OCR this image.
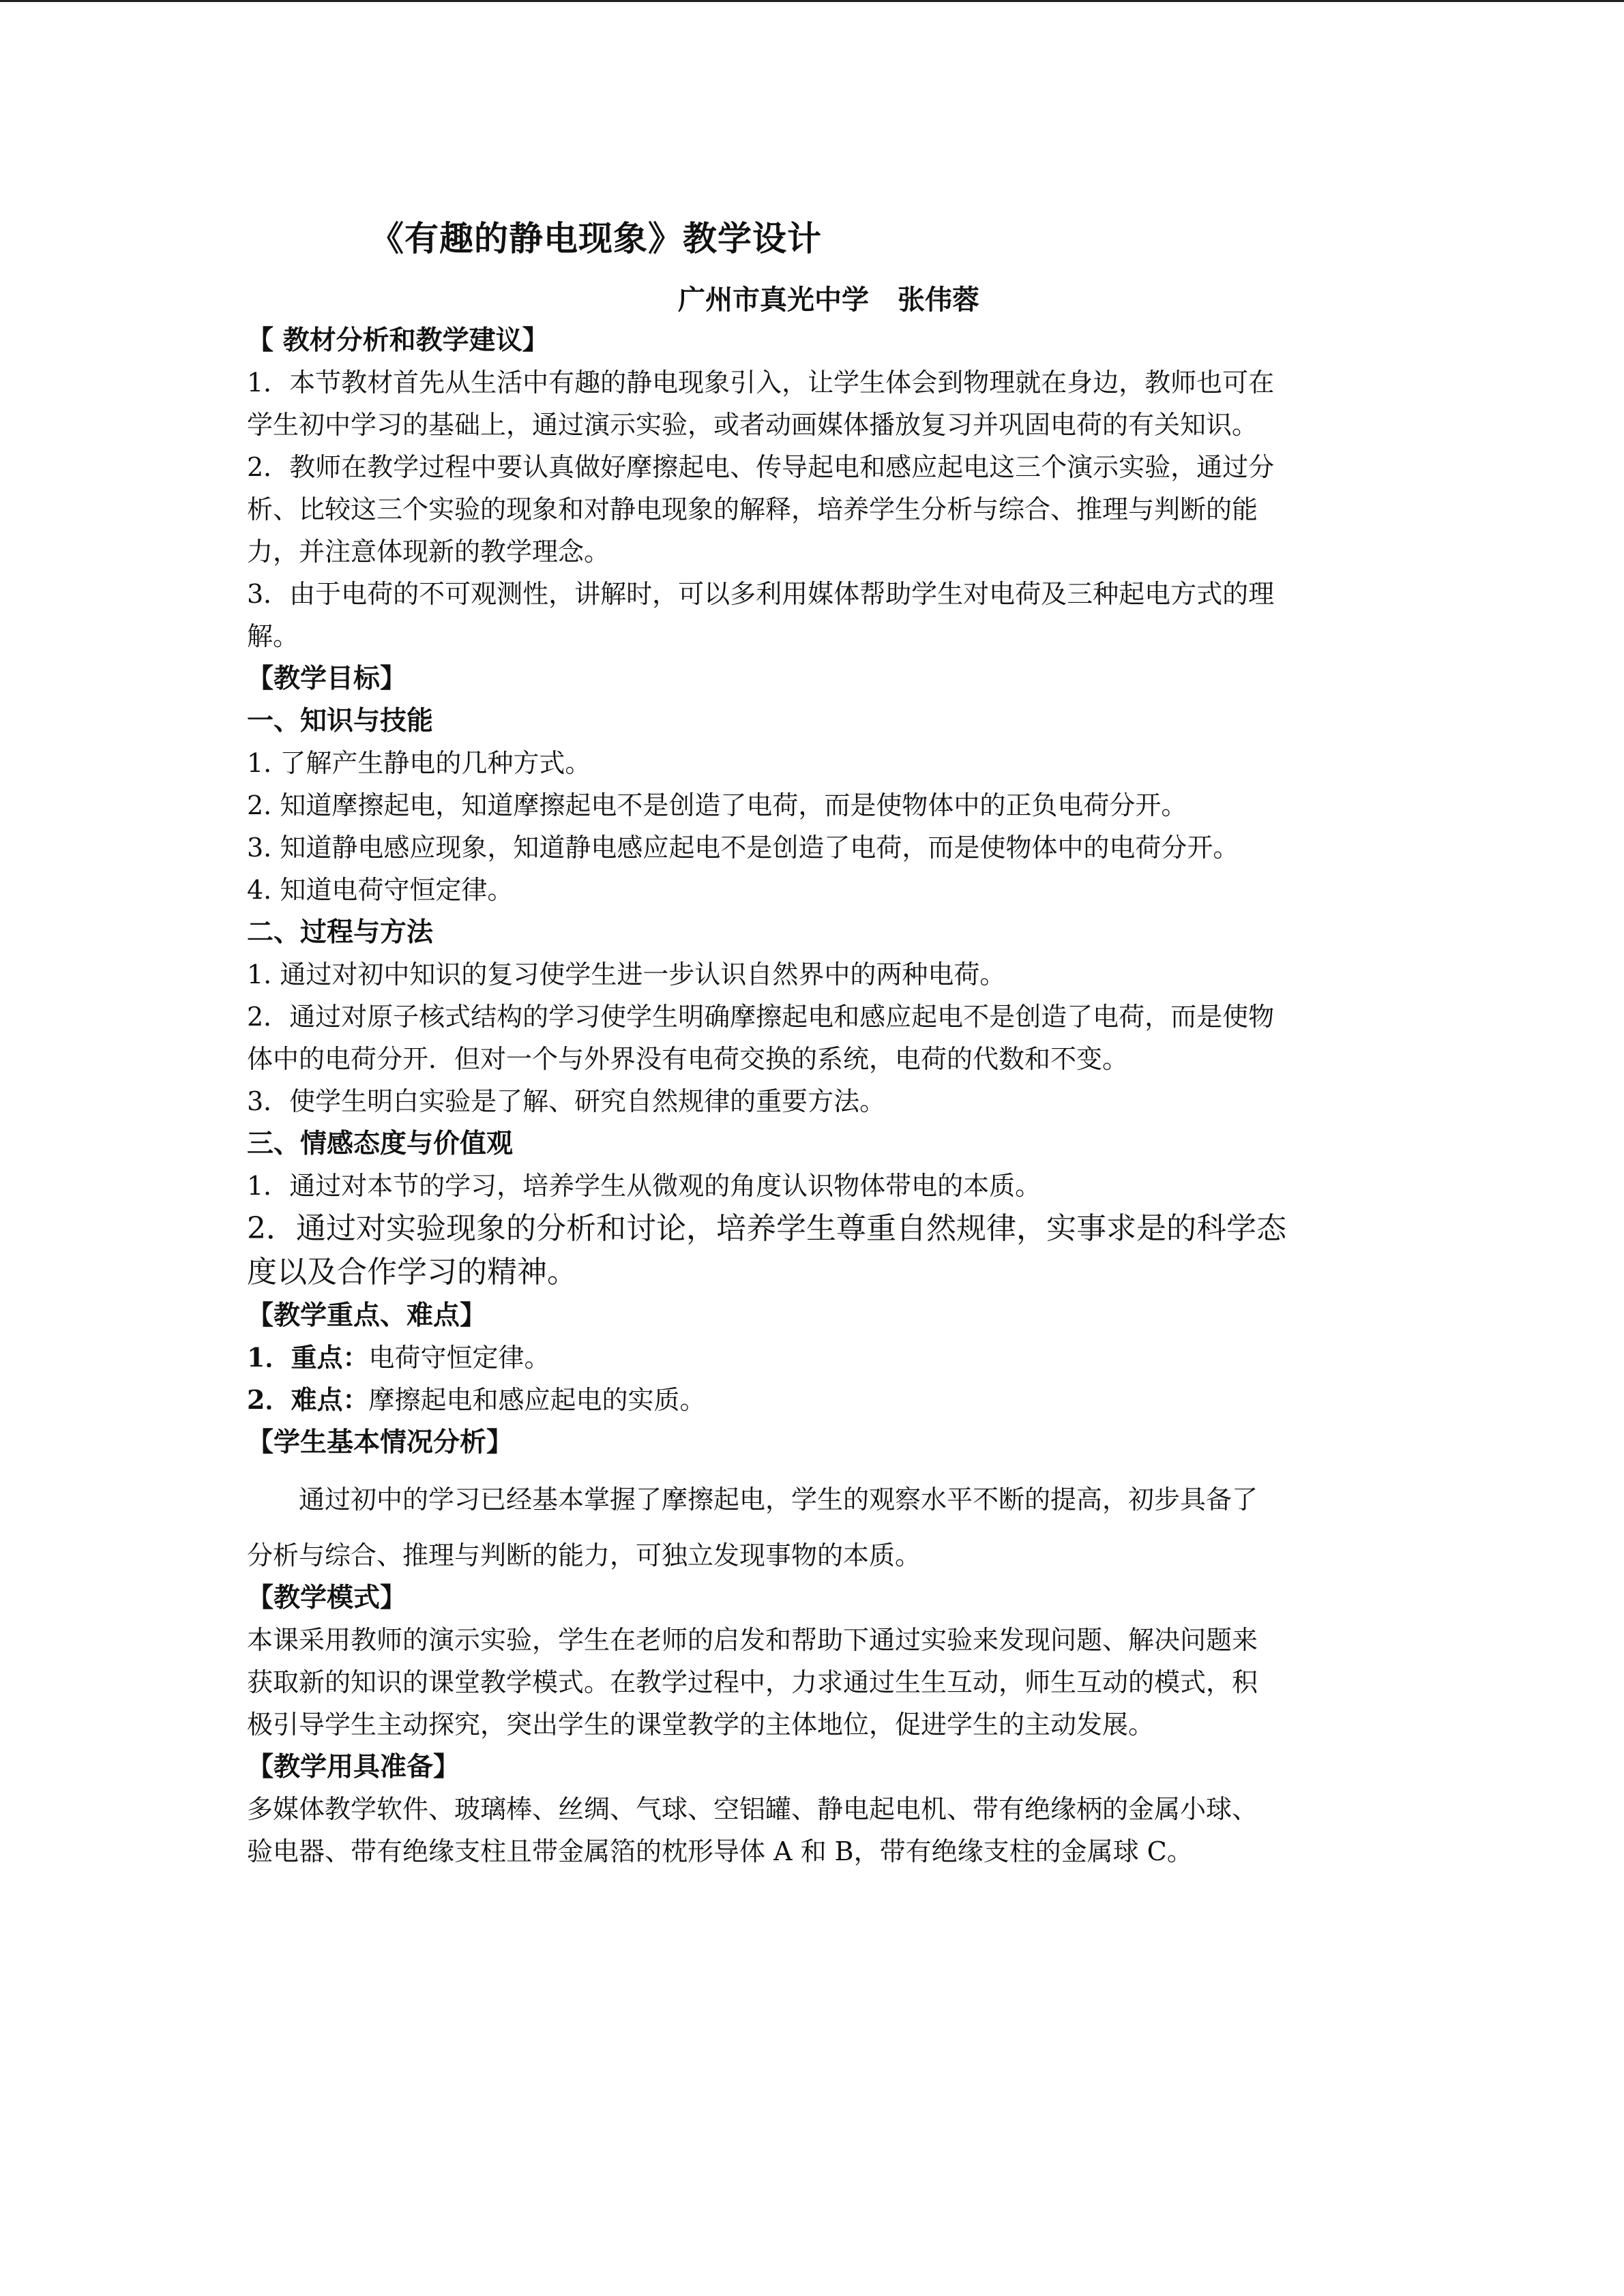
《有趣的静电现象》教学设计
广州市真光中学 张伟蓉
【 教材分析和教学建议】
1．本节教材首先从生活中有趣的静电现象引入，让学生体会到物理就在身边，教师也可在
学生初中学习的基础上，通过演示实验，或者动画媒体播放复习并巩固电荷的有关知识。
2．教师在教学过程中要认真做好摩擦起电、传导起电和感应起电这三个演示实验，通过分
析、比较这三个实验的现象和对静电现象的解释，培养学生分析与综合、推理与判断的能
力，并注意体现新的教学理念。
3．由于电荷的不可观测性，讲解时，可以多利用媒体帮助学生对电荷及三种起电方式的理
解。
【教学目标】
一、知识与技能
1. 了解产生静电的几种方式。
2. 知道摩擦起电，知道摩擦起电不是创造了电荷，而是使物体中的正负电荷分开。
3. 知道静电感应现象，知道静电感应起电不是创造了电荷，而是使物体中的电荷分开。
4. 知道电荷守恒定律。
二、过程与方法
1. 通过对初中知识的复习使学生进一步认识自然界中的两种电荷。
2．通过对原子核式结构的学习使学生明确摩擦起电和感应起电不是创造了电荷，而是使物
体中的电荷分开．但对一个与外界没有电荷交换的系统，电荷的代数和不变。
3．使学生明白实验是了解、研究自然规律的重要方法。
三、情感态度与价值观
1．通过对本节的学习，培养学生从微观的角度认识物体带电的本质。
2．通过对实验现象的分析和讨论，培养学生尊重自然规律，实事求是的科学态
度以及合作学习的精神。
【教学重点、难点】
1．重点：电荷守恒定律。
2．难点：摩擦起电和感应起电的实质。
【学生基本情况分析】
通过初中的学习已经基本掌握了摩擦起电，学生的观察水平不断的提高，初步具备了
分析与综合、推理与判断的能力，可独立发现事物的本质。
【教学模式】
本课采用教师的演示实验，学生在老师的启发和帮助下通过实验来发现问题、解决问题来
获取新的知识的课堂教学模式。在教学过程中，力求通过生生互动，师生互动的模式，积
极引导学生主动探究，突出学生的课堂教学的主体地位，促进学生的主动发展。
【教学用具准备】
多媒体教学软件、玻璃棒、丝绸、气球、空铝罐、静电起电机、带有绝缘柄的金属小球、
验电器、带有绝缘支柱且带金属箔的枕形导体 A 和 B，带有绝缘支柱的金属球 C。
